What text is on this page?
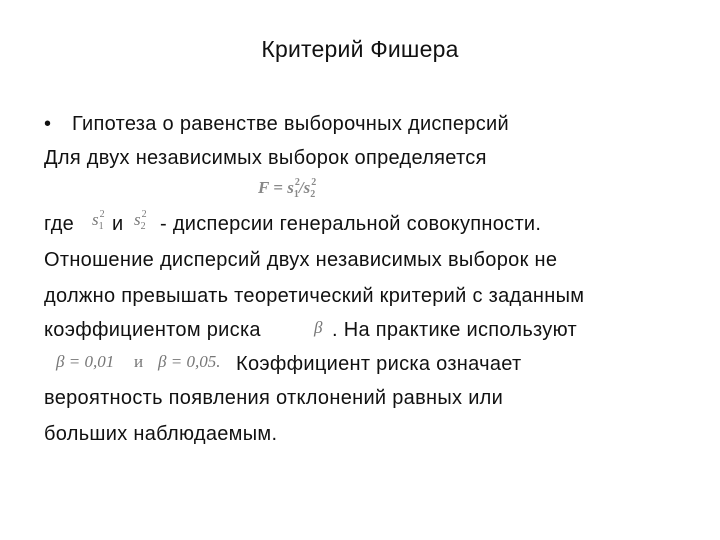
Критерий Фишера
• Гипотеза о равенстве выборочных дисперсий
Для двух независимых выборок определяется
$F = s^2_1/s^2_2$
где $s^2_1$ и $s^2_2$ - дисперсии генеральной совокупности.
Отношение дисперсий двух независимых выборок не
должно превышать теоретический критерий с заданным
коэффициентом риска	β . На практике используют
β = 0,01 и β = 0,05. Коэффициент риска означает
вероятность появления отклонений равных или
больших наблюдаемым.
